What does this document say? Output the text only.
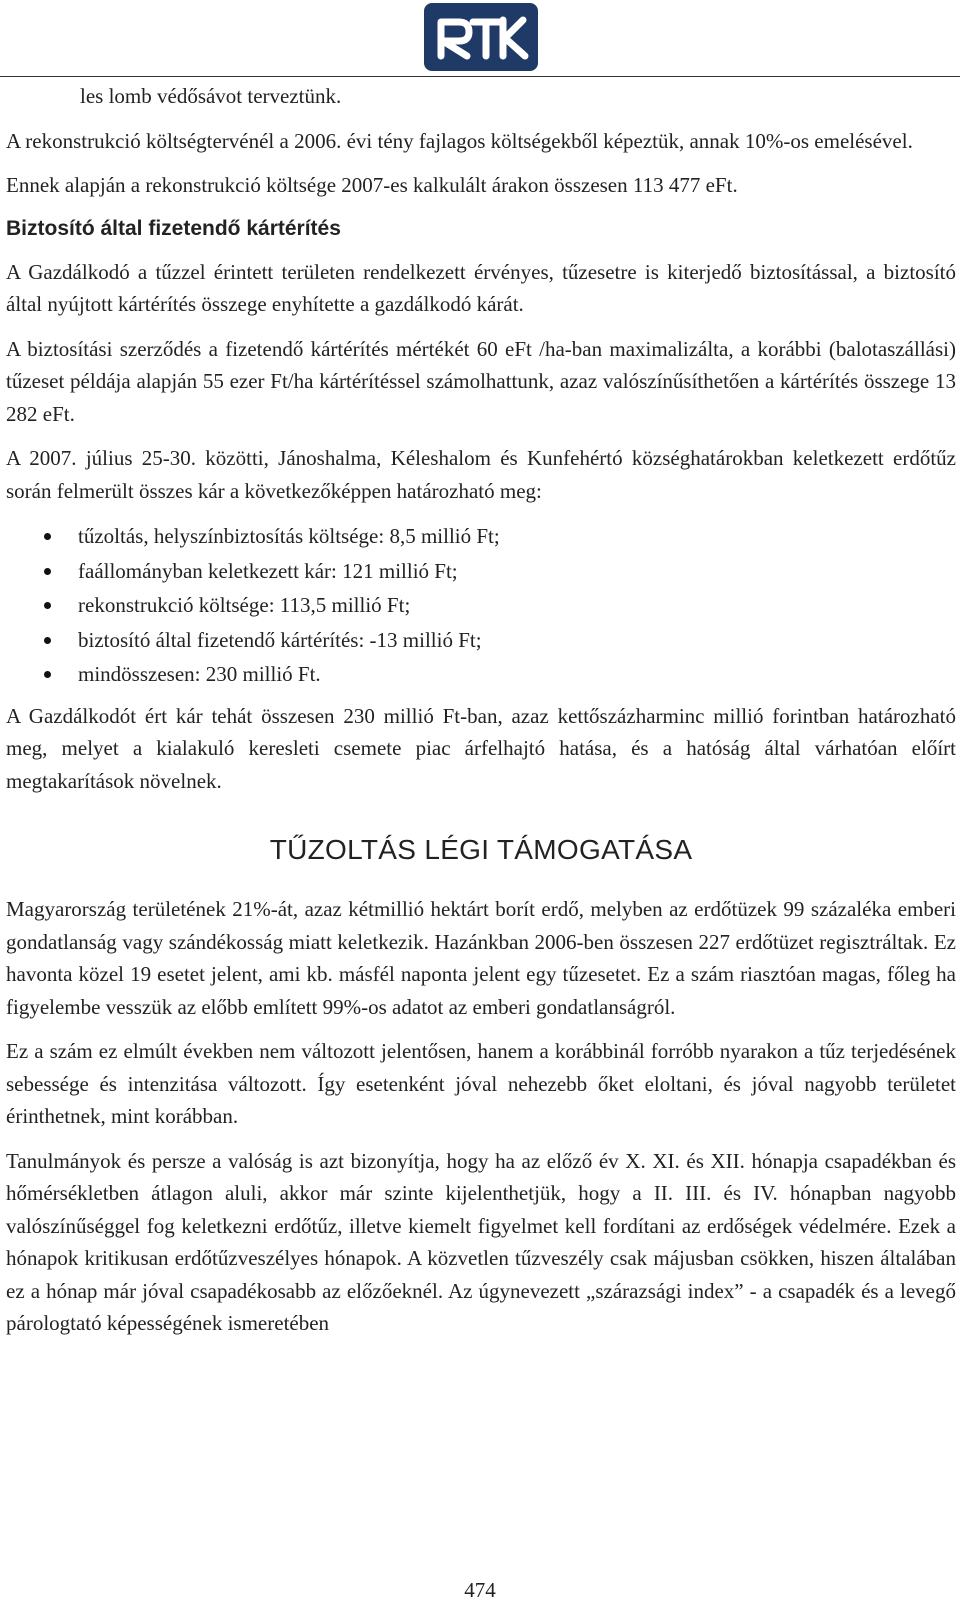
les lomb védősávot terveztünk.

A rekonstrukció költségtervénél a 2006. évi tény fajlagos költségekből képeztük, annak 10%-os emelésével.

Ennek alapján a rekonstrukció költsége 2007-es kalkulált árakon összesen 113 477 eFt.

Biztosító által fizetendő kártérítés

A Gazdálkodó a tűzzel érintett területen rendelkezett érvényes, tűzesetre is kiterjedő biztosítással, a biztosító által nyújtott kártérítés összege enyhítette a gazdálkodó kárát.

A biztosítási szerződés a fizetendő kártérítés mértékét 60 eFt /ha-ban maximalizálta, a korábbi (balotaszállási) tűzeset példája alapján 55 ezer Ft/ha kártérítéssel számolhattunk, azaz valószínűsíthetően a kártérítés összege 13 282 eFt.

A 2007. július 25-30. közötti, Jánoshalma, Kéleshalom és Kunfehértó községhatárokban keletkezett erdőtűz során felmerült összes kár a következőképpen határozható meg:

tűzoltás, helyszínbiztosítás költsége: 8,5 millió Ft;
faállományban keletkezett kár: 121 millió Ft;
rekonstrukció költsége: 113,5 millió Ft;
biztosító által fizetendő kártérítés: -13 millió Ft;
mindösszesen: 230 millió Ft.

A Gazdálkodót ért kár tehát összesen 230 millió Ft-ban, azaz kettőszázharminc millió forintban határozható meg, melyet a kialakuló keresleti csemete piac árfelhajtó hatása, és a hatóság által várhatóan előírt megtakarítások növelnek.

TŰZOLTÁS LÉGI TÁMOGATÁSA

Magyarország területének 21%-át, azaz kétmillió hektárt borít erdő, melyben az erdőtüzek 99 százaléka emberi gondatlanság vagy szándékosság miatt keletkezik. Hazánkban 2006-ben összesen 227 erdőtüzet regisztráltak. Ez havonta közel 19 esetet jelent, ami kb. másfél naponta jelent egy tűzesetet. Ez a szám riasztóan magas, főleg ha figyelembe vesszük az előbb említett 99%-os adatot az emberi gondatlanságról.

Ez a szám ez elmúlt években nem változott jelentősen, hanem a korábbinál forróbb nyarakon a tűz terjedésének sebessége és intenzitása változott. Így esetenként jóval nehezebb őket eloltani, és jóval nagyobb területet érinthetnek, mint korábban.

Tanulmányok és persze a valóság is azt bizonyítja, hogy ha az előző év X. XI. és XII. hónapja csapadékban és hőmérsékletben átlagon aluli, akkor már szinte kijelenthetjük, hogy a II. III. és IV. hónapban nagyobb valószínűséggel fog keletkezni erdőtűz, illetve kiemelt figyelmet kell fordítani az erdőségek védelmére. Ezek a hónapok kritikusan erdőtűzveszélyes hónapok. A közvetlen tűzveszély csak májusban csökken, hiszen általában ez a hónap már jóval csapadékosabb az előzőeknél. Az úgynevezett „szárazsági index” - a csapadék és a levegő párologtató képességének ismeretében

474
